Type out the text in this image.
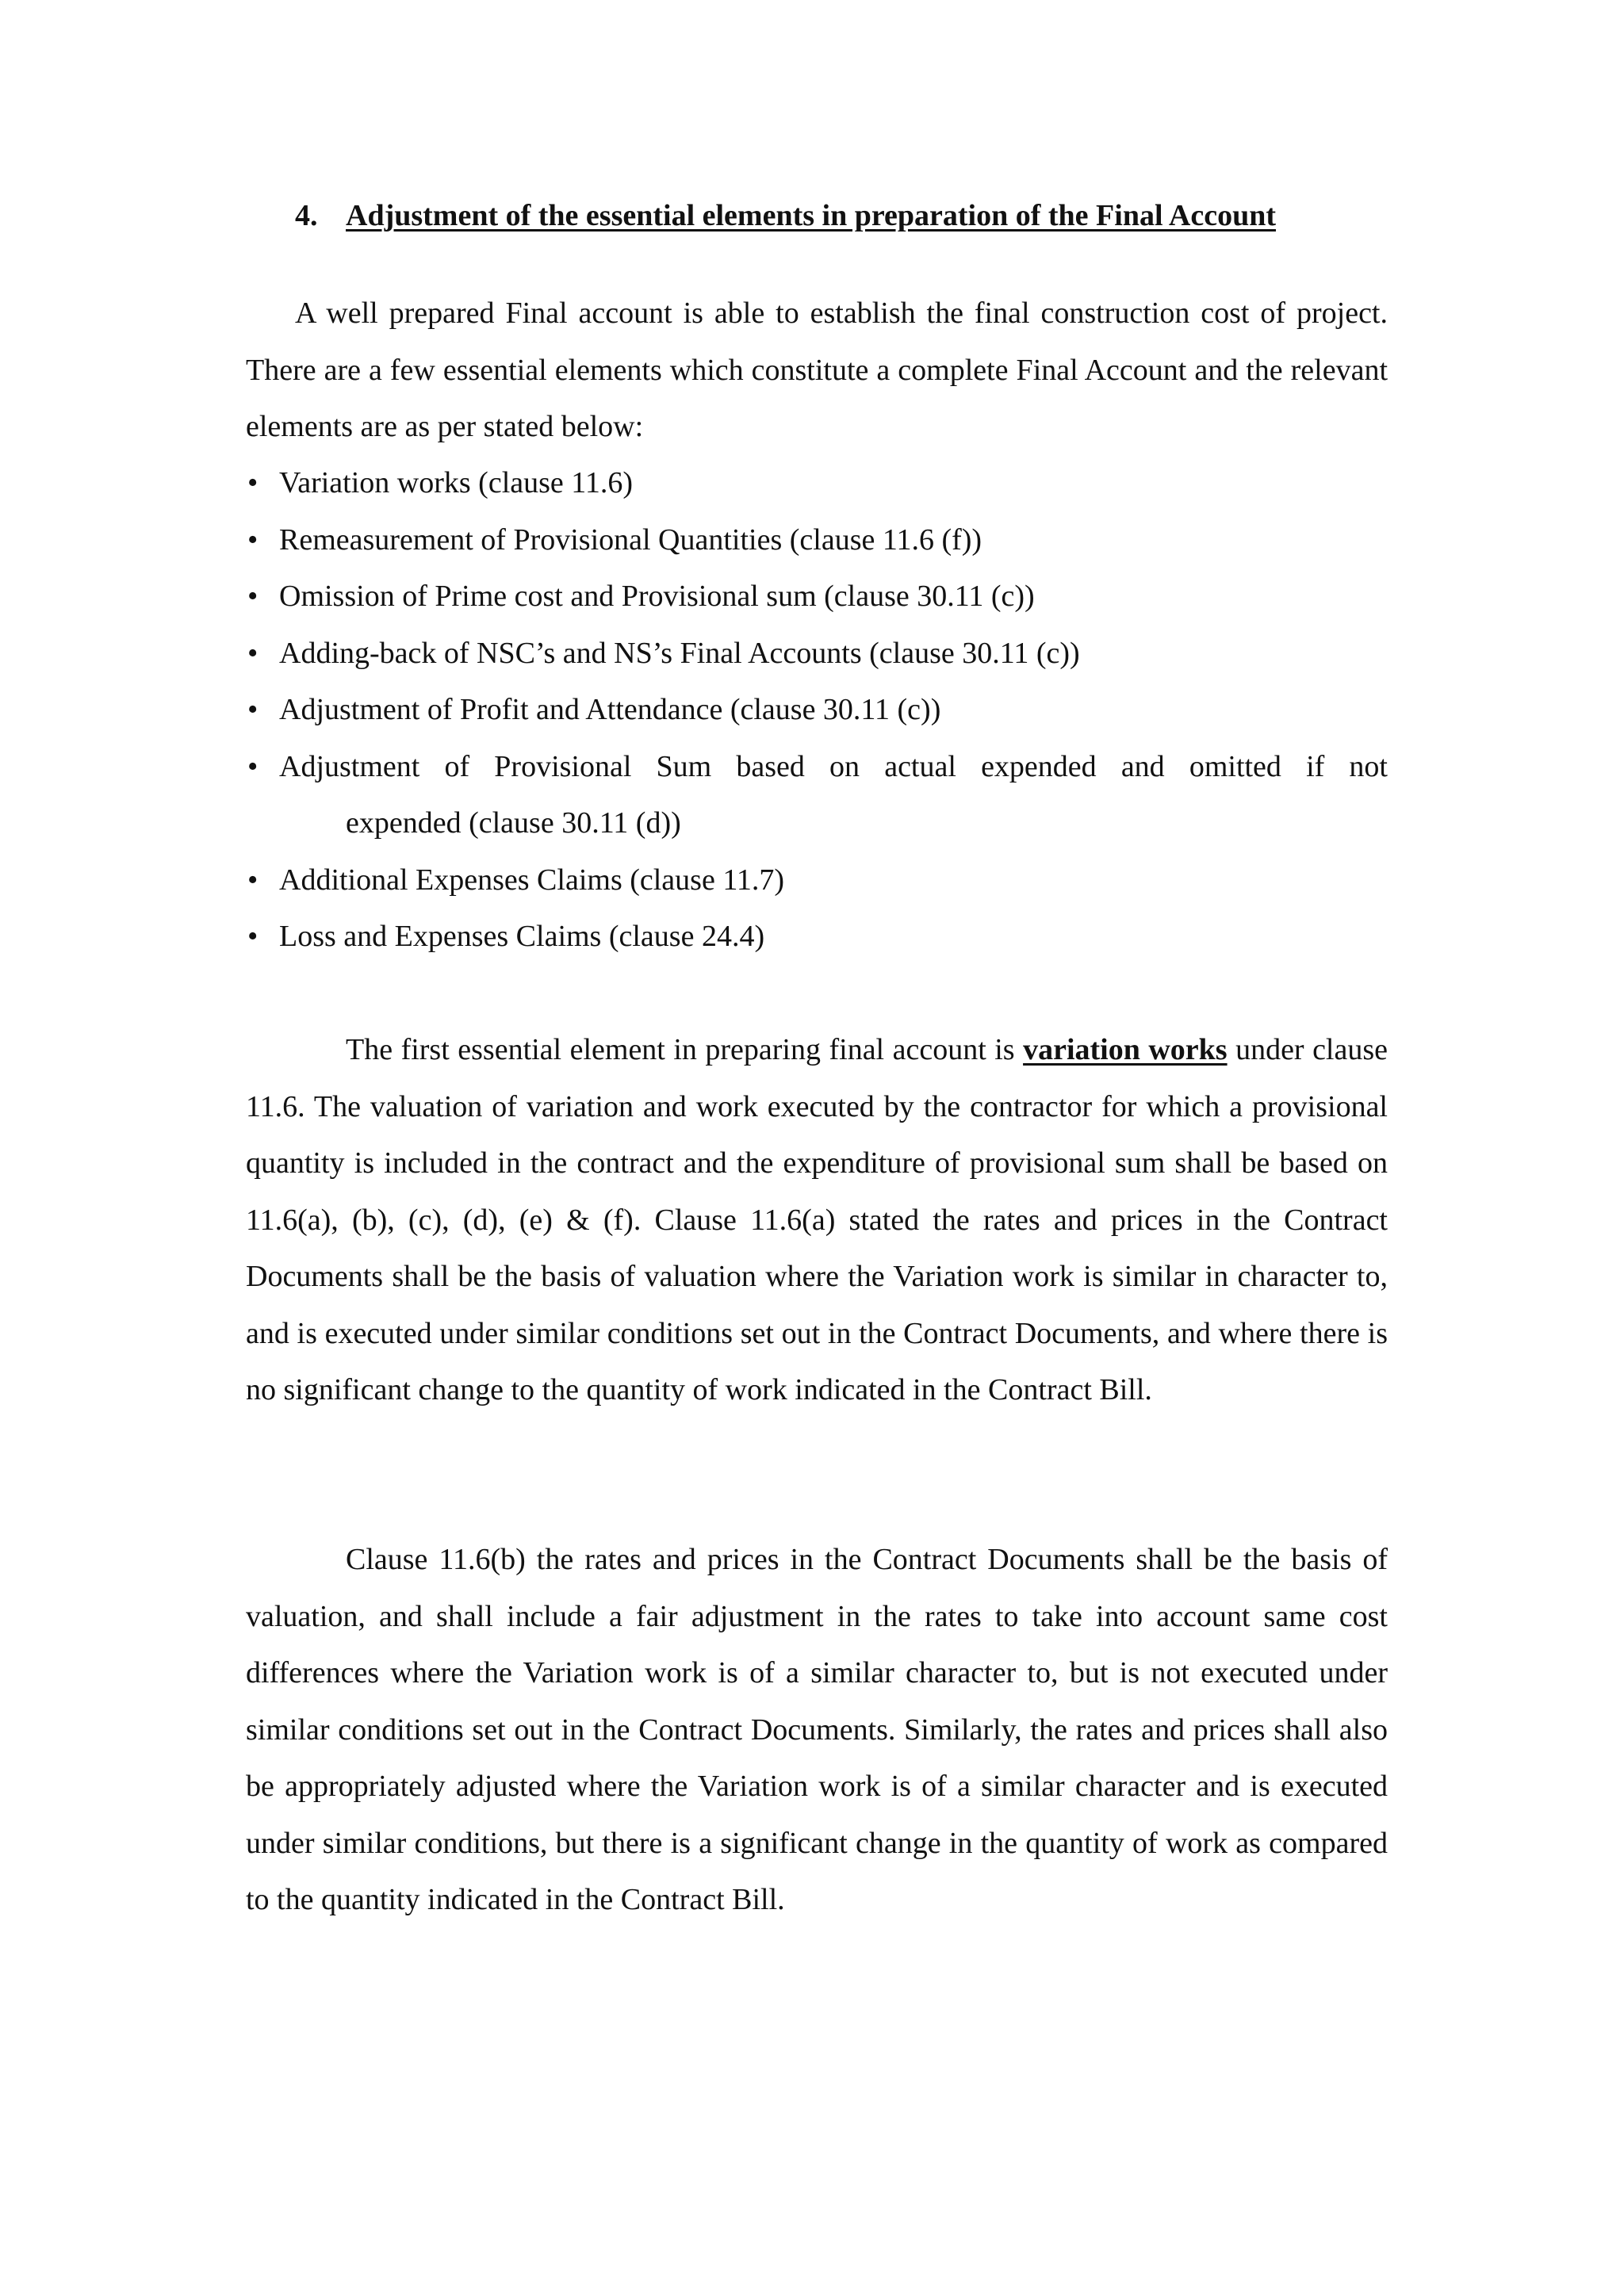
4. Adjustment of the essential elements in preparation of the Final Account

A well prepared Final account is able to establish the final construction cost of project. There are a few essential elements which constitute a complete Final Account and the relevant elements are as per stated below:

• Variation works (clause 11.6)
• Remeasurement of Provisional Quantities (clause 11.6 (f))
• Omission of Prime cost and Provisional sum (clause 30.11 (c))
• Adding-back of NSC’s and NS’s Final Accounts (clause 30.11 (c))
• Adjustment of Profit and Attendance (clause 30.11 (c))
• Adjustment of Provisional Sum based on actual expended and omitted if not
expended (clause 30.11 (d))
• Additional Expenses Claims (clause 11.7)
• Loss and Expenses Claims (clause 24.4)

The first essential element in preparing final account is variation works under clause 11.6. The valuation of variation and work executed by the contractor for which a provisional quantity is included in the contract and the expenditure of provisional sum shall be based on 11.6(a), (b), (c), (d), (e) & (f). Clause 11.6(a) stated the rates and prices in the Contract Documents shall be the basis of valuation where the Variation work is similar in character to, and is executed under similar conditions set out in the Contract Documents, and where there is no significant change to the quantity of work indicated in the Contract Bill.

Clause 11.6(b) the rates and prices in the Contract Documents shall be the basis of valuation, and shall include a fair adjustment in the rates to take into account same cost differences where the Variation work is of a similar character to, but is not executed under similar conditions set out in the Contract Documents. Similarly, the rates and prices shall also be appropriately adjusted where the Variation work is of a similar character and is executed under similar conditions, but there is a significant change in the quantity of work as compared to the quantity indicated in the Contract Bill.
